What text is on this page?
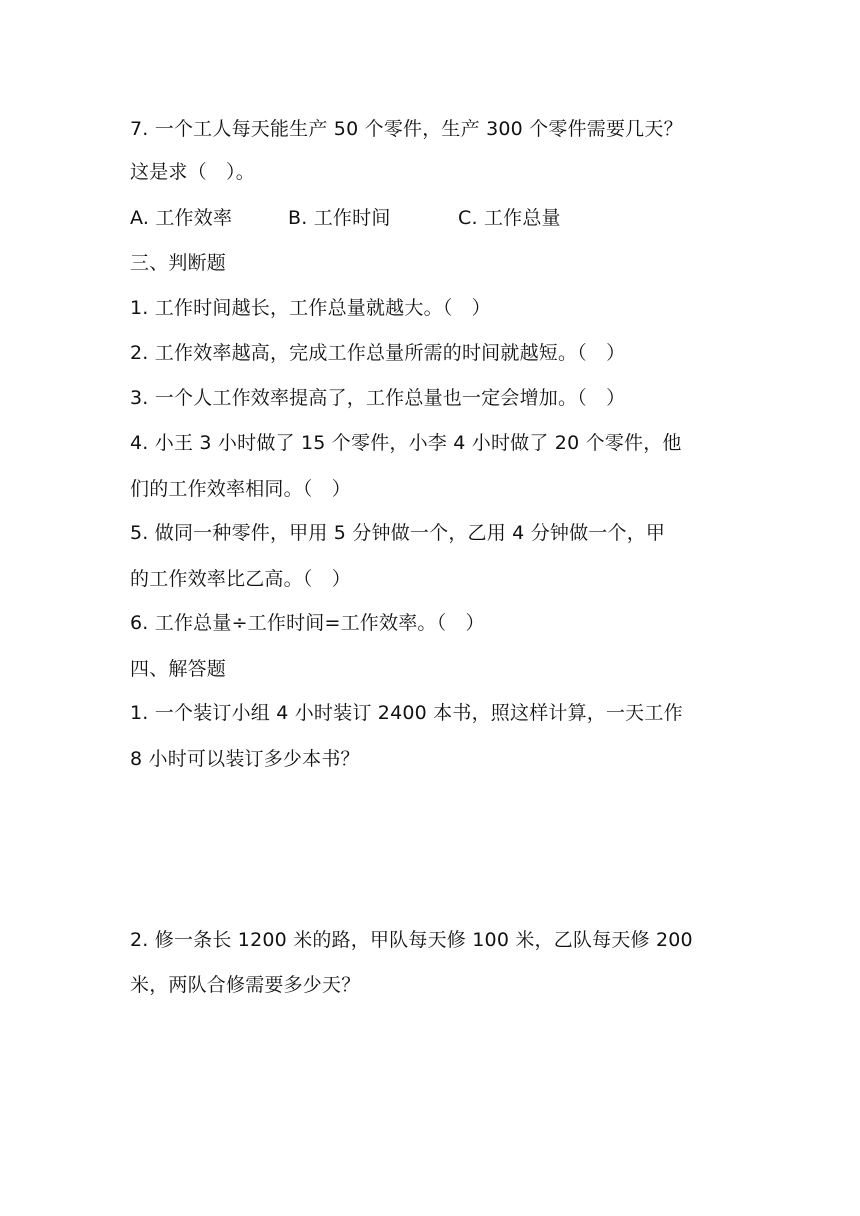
7. 一个工人每天能生产 50 个零件，生产 300 个零件需要几天？
这是求（　）。
A. 工作效率	B. 工作时间	C. 工作总量
三、判断题
1. 工作时间越长，工作总量就越大。（　）
2. 工作效率越高，完成工作总量所需的时间就越短。（　）
3. 一个人工作效率提高了，工作总量也一定会增加。（　）
4. 小王 3 小时做了 15 个零件，小李 4 小时做了 20 个零件，他
们的工作效率相同。（　）
5. 做同一种零件，甲用 5 分钟做一个，乙用 4 分钟做一个，甲
的工作效率比乙高。（　）
6. 工作总量÷工作时间=工作效率。（　）
四、解答题
1. 一个装订小组 4 小时装订 2400 本书，照这样计算，一天工作
8 小时可以装订多少本书？
2. 修一条长 1200 米的路，甲队每天修 100 米，乙队每天修 200
米，两队合修需要多少天？
